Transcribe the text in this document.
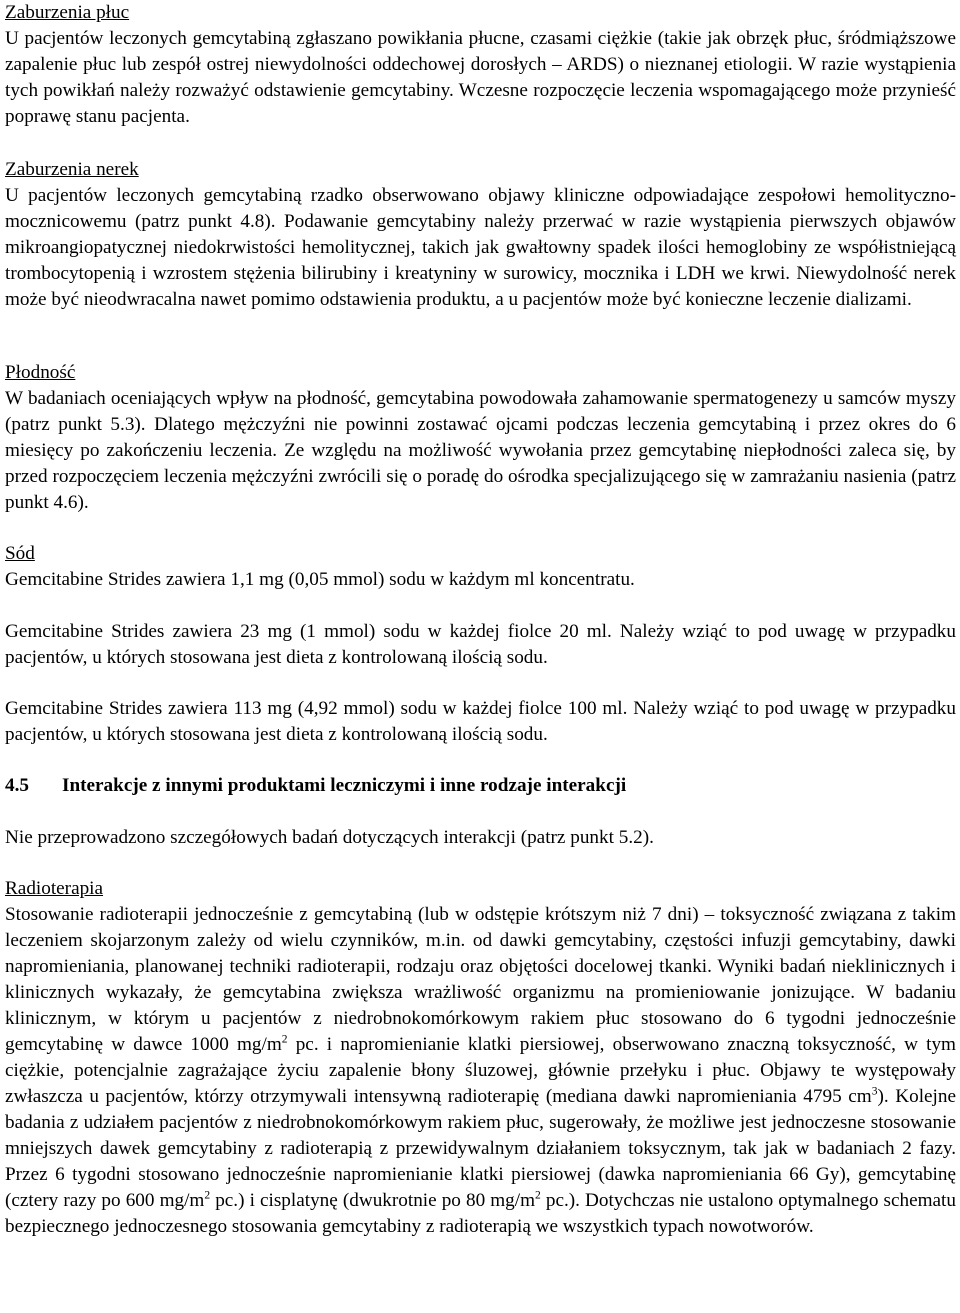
Zaburzenia płuc
U pacjentów leczonych gemcytabiną zgłaszano powikłania płucne, czasami ciężkie (takie jak obrzęk płuc, śródmiąższowe zapalenie płuc lub zespół ostrej niewydolności oddechowej dorosłych – ARDS) o nieznanej etiologii. W razie wystąpienia tych powikłań należy rozważyć odstawienie gemcytabiny. Wczesne rozpoczęcie leczenia wspomagającego może przynieść poprawę stanu pacjenta.
Zaburzenia nerek
U pacjentów leczonych gemcytabiną rzadko obserwowano objawy kliniczne odpowiadające zespołowi hemolityczno-mocznicowemu (patrz punkt 4.8). Podawanie gemcytabiny należy przerwać w razie wystąpienia pierwszych objawów mikroangiopatycznej niedokrwistości hemolitycznej, takich jak gwałtowny spadek ilości hemoglobiny ze współistniejącą trombocytopenią i wzrostem stężenia bilirubiny i kreatyniny w surowicy, mocznika i LDH we krwi. Niewydolność nerek może być nieodwracalna nawet pomimo odstawienia produktu, a u pacjentów może być konieczne leczenie dializami.
Płodność
W badaniach oceniających wpływ na płodność, gemcytabina powodowała zahamowanie spermatogenezy u samców myszy (patrz punkt 5.3). Dlatego mężczyźni nie powinni zostawać ojcami podczas leczenia gemcytabiną i przez okres do 6 miesięcy po zakończeniu leczenia. Ze względu na możliwość wywołania przez gemcytabinę niepłodności zaleca się, by przed rozpoczęciem leczenia mężczyźni zwrócili się o poradę do ośrodka specjalizującego się w zamrażaniu nasienia (patrz punkt 4.6).
Sód
Gemcitabine Strides zawiera 1,1 mg (0,05 mmol) sodu w każdym ml koncentratu.
Gemcitabine Strides zawiera 23 mg (1 mmol) sodu w każdej fiolce 20 ml. Należy wziąć to pod uwagę w przypadku pacjentów, u których stosowana jest dieta z kontrolowaną ilością sodu.
Gemcitabine Strides zawiera 113 mg (4,92 mmol) sodu w każdej fiolce 100 ml. Należy wziąć to pod uwagę w przypadku pacjentów, u których stosowana jest dieta z kontrolowaną ilością sodu.
4.5 Interakcje z innymi produktami leczniczymi i inne rodzaje interakcji
Nie przeprowadzono szczegółowych badań dotyczących interakcji (patrz punkt 5.2).
Radioterapia
Stosowanie radioterapii jednocześnie z gemcytabiną (lub w odstępie krótszym niż 7 dni) – toksyczność związana z takim leczeniem skojarzonym zależy od wielu czynników, m.in. od dawki gemcytabiny, częstości infuzji gemcytabiny, dawki napromieniania, planowanej techniki radioterapii, rodzaju oraz objętości docelowej tkanki. Wyniki badań nieklinicznych i klinicznych wykazały, że gemcytabina zwiększa wrażliwość organizmu na promieniowanie jonizujące. W badaniu klinicznym, w którym u pacjentów z niedrobnokomórkowym rakiem płuc stosowano do 6 tygodni jednocześnie gemcytabinę w dawce 1000 $mg/m^2$ pc. i napromienianie klatki piersiowej, obserwowano znaczną toksyczność, w tym ciężkie, potencjalnie zagrażające życiu zapalenie błony śluzowej, głównie przełyku i płuc. Objawy te występowały zwłaszcza u pacjentów, którzy otrzymywali intensywną radioterapię (mediana dawki napromieniania 4795 $cm^3$). Kolejne badania z udziałem pacjentów z niedrobnokomórkowym rakiem płuc, sugerowały, że możliwe jest jednoczesne stosowanie mniejszych dawek gemcytabiny z radioterapią z przewidywalnym działaniem toksycznym, tak jak w badaniach 2 fazy. Przez 6 tygodni stosowano jednocześnie napromienianie klatki piersiowej (dawka napromieniania 66 Gy), gemcytabinę (cztery razy po 600 $mg/m^2$ pc.) i cisplatynę (dwukrotnie po 80 $mg/m^2$ pc.). Dotychczas nie ustalono optymalnego schematu bezpiecznego jednoczesnego stosowania gemcytabiny z radioterapią we wszystkich typach nowotworów.
